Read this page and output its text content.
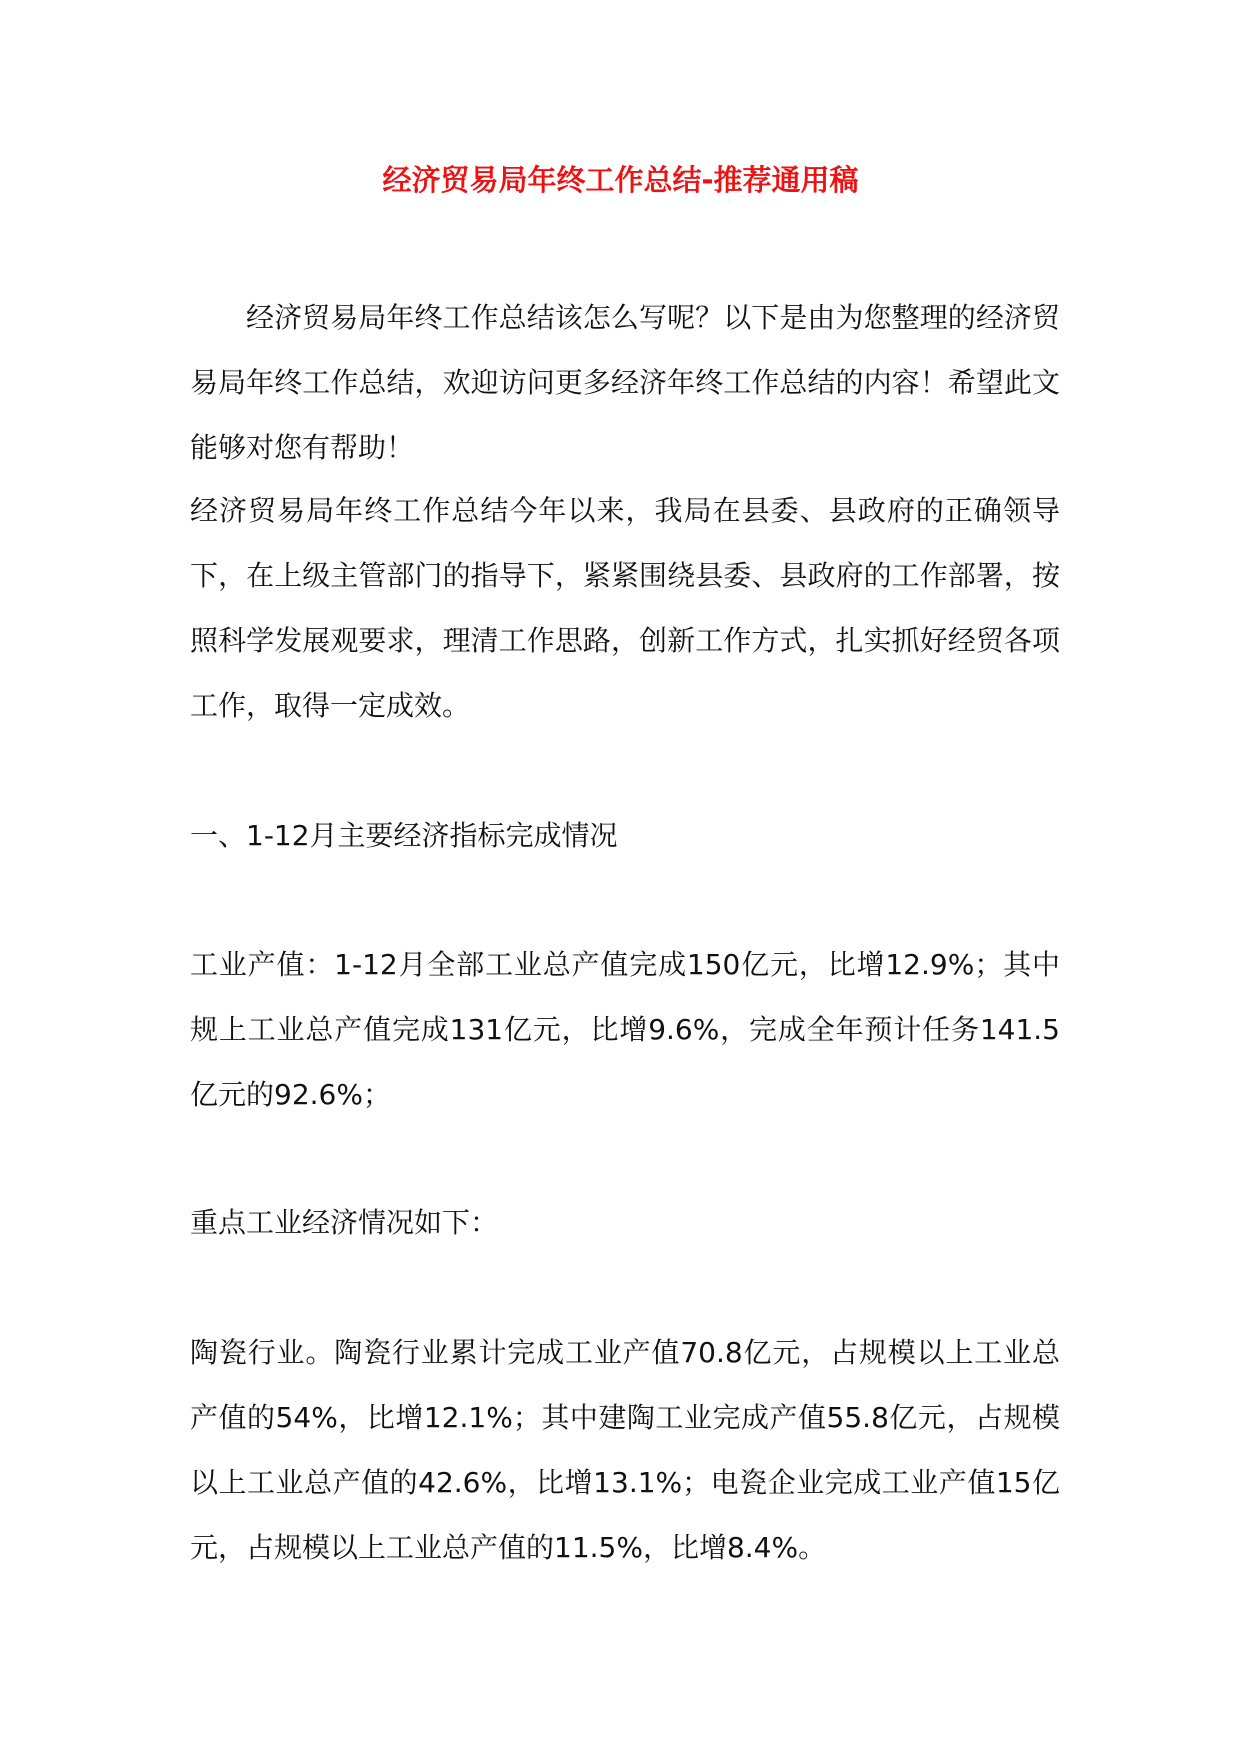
经济贸易局年终工作总结-推荐通用稿

经济贸易局年终工作总结该怎么写呢？以下是由为您整理的经济贸易局年终工作总结，欢迎访问更多经济年终工作总结的内容！希望此文能够对您有帮助！

经济贸易局年终工作总结今年以来，我局在县委、县政府的正确领导下，在上级主管部门的指导下，紧紧围绕县委、县政府的工作部署，按照科学发展观要求，理清工作思路，创新工作方式，扎实抓好经贸各项工作，取得一定成效。

一、1-12月主要经济指标完成情况

工业产值：1-12月全部工业总产值完成150亿元，比增12.9%；其中规上工业总产值完成131亿元，比增9.6%，完成全年预计任务141.5亿元的92.6%；

重点工业经济情况如下：

陶瓷行业。陶瓷行业累计完成工业产值70.8亿元，占规模以上工业总产值的54%，比增12.1%；其中建陶工业完成产值55.8亿元，占规模以上工业总产值的42.6%，比增13.1%；电瓷企业完成工业产值15亿元，占规模以上工业总产值的11.5%，比增8.4%。
